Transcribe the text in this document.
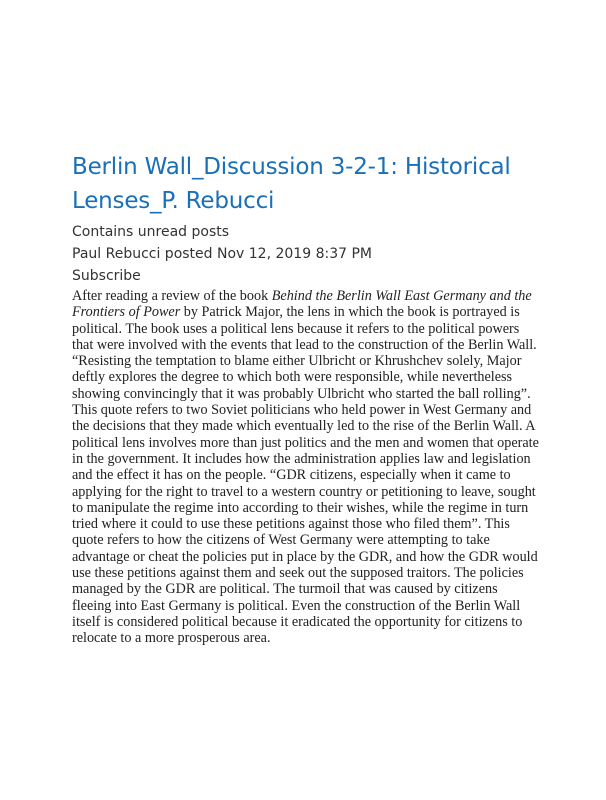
Berlin Wall_Discussion 3-2-1: Historical Lenses_P. Rebucci

Contains unread posts

Paul Rebucci posted Nov 12, 2019 8:37 PM

Subscribe

After reading a review of the book Behind the Berlin Wall East Germany and the Frontiers of Power by Patrick Major, the lens in which the book is portrayed is political. The book uses a political lens because it refers to the political powers that were involved with the events that lead to the construction of the Berlin Wall. “Resisting the temptation to blame either Ulbricht or Khrushchev solely, Major deftly explores the degree to which both were responsible, while nevertheless showing convincingly that it was probably Ulbricht who started the ball rolling”. This quote refers to two Soviet politicians who held power in West Germany and the decisions that they made which eventually led to the rise of the Berlin Wall. A political lens involves more than just politics and the men and women that operate in the government. It includes how the administration applies law and legislation and the effect it has on the people. “GDR citizens, especially when it came to applying for the right to travel to a western country or petitioning to leave, sought to manipulate the regime into according to their wishes, while the regime in turn tried where it could to use these petitions against those who filed them”. This quote refers to how the citizens of West Germany were attempting to take advantage or cheat the policies put in place by the GDR, and how the GDR would use these petitions against them and seek out the supposed traitors. The policies managed by the GDR are political. The turmoil that was caused by citizens fleeing into East Germany is political. Even the construction of the Berlin Wall itself is considered political because it eradicated the opportunity for citizens to relocate to a more prosperous area.
